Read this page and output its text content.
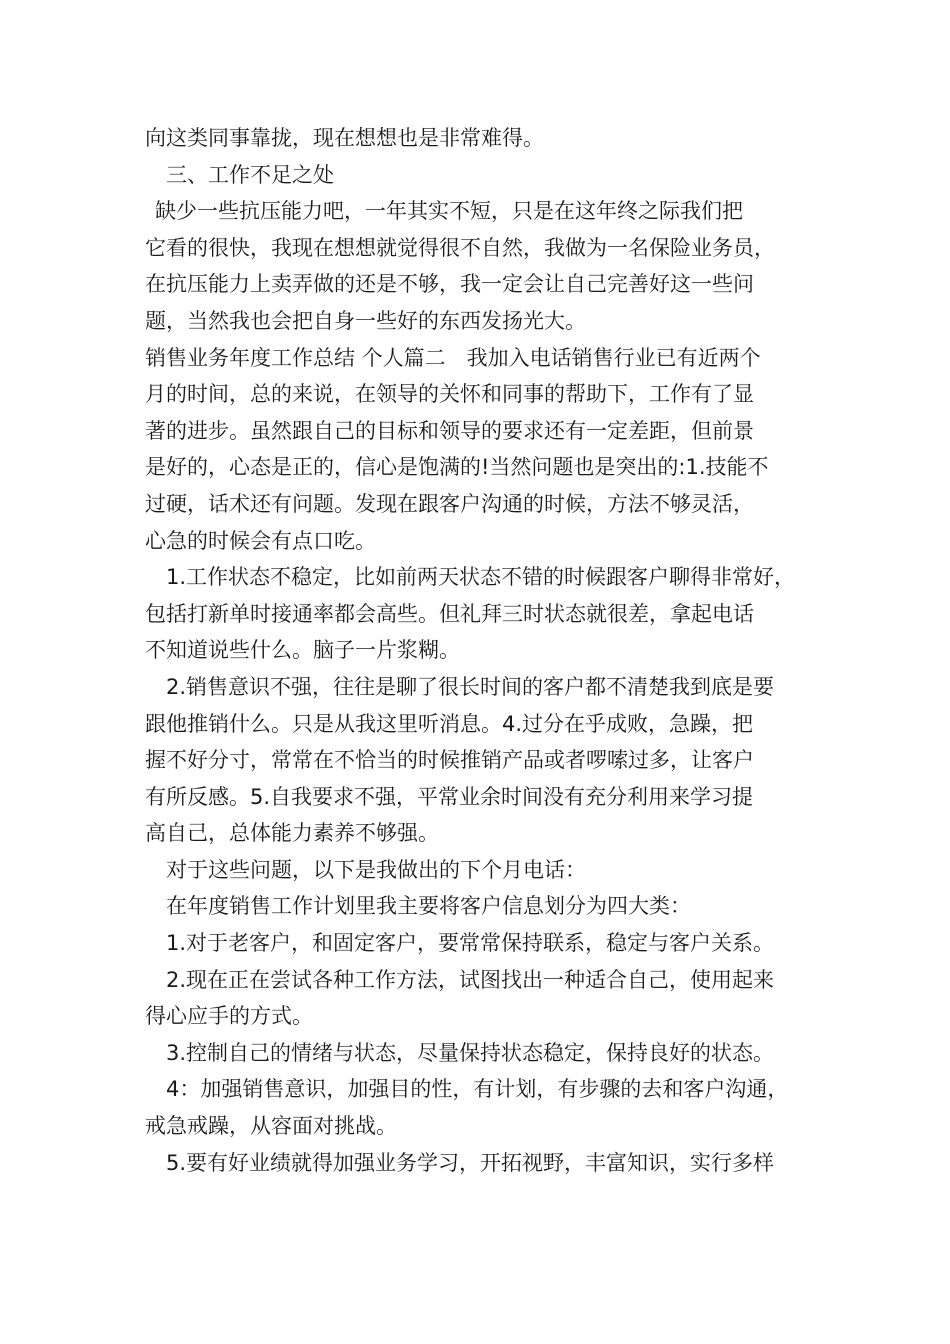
向这类同事靠拢，现在想想也是非常难得。
三、工作不足之处
缺少一些抗压能力吧，一年其实不短，只是在这年终之际我们把
它看的很快，我现在想想就觉得很不自然，我做为一名保险业务员，
在抗压能力上卖弄做的还是不够，我一定会让自己完善好这一些问
题，当然我也会把自身一些好的东西发扬光大。
销售业务年度工作总结 个人篇二　我加入电话销售行业已有近两个
月的时间，总的来说，在领导的关怀和同事的帮助下，工作有了显
著的进步。虽然跟自己的目标和领导的要求还有一定差距，但前景
是好的，心态是正的，信心是饱满的!当然问题也是突出的:1.技能不
过硬，话术还有问题。发现在跟客户沟通的时候，方法不够灵活，
心急的时候会有点口吃。
1.工作状态不稳定，比如前两天状态不错的时候跟客户聊得非常好，
包括打新单时接通率都会高些。但礼拜三时状态就很差，拿起电话
不知道说些什么。脑子一片浆糊。
2.销售意识不强，往往是聊了很长时间的客户都不清楚我到底是要
跟他推销什么。只是从我这里听消息。4.过分在乎成败，急躁，把
握不好分寸，常常在不恰当的时候推销产品或者啰嗦过多，让客户
有所反感。5.自我要求不强，平常业余时间没有充分利用来学习提
高自己，总体能力素养不够强。
对于这些问题，以下是我做出的下个月电话：
在年度销售工作计划里我主要将客户信息划分为四大类：
1.对于老客户，和固定客户，要常常保持联系，稳定与客户关系。
2.现在正在尝试各种工作方法，试图找出一种适合自己，使用起来
得心应手的方式。
3.控制自己的情绪与状态，尽量保持状态稳定，保持良好的状态。
4：加强销售意识，加强目的性，有计划，有步骤的去和客户沟通，
戒急戒躁，从容面对挑战。
5.要有好业绩就得加强业务学习，开拓视野，丰富知识，实行多样
